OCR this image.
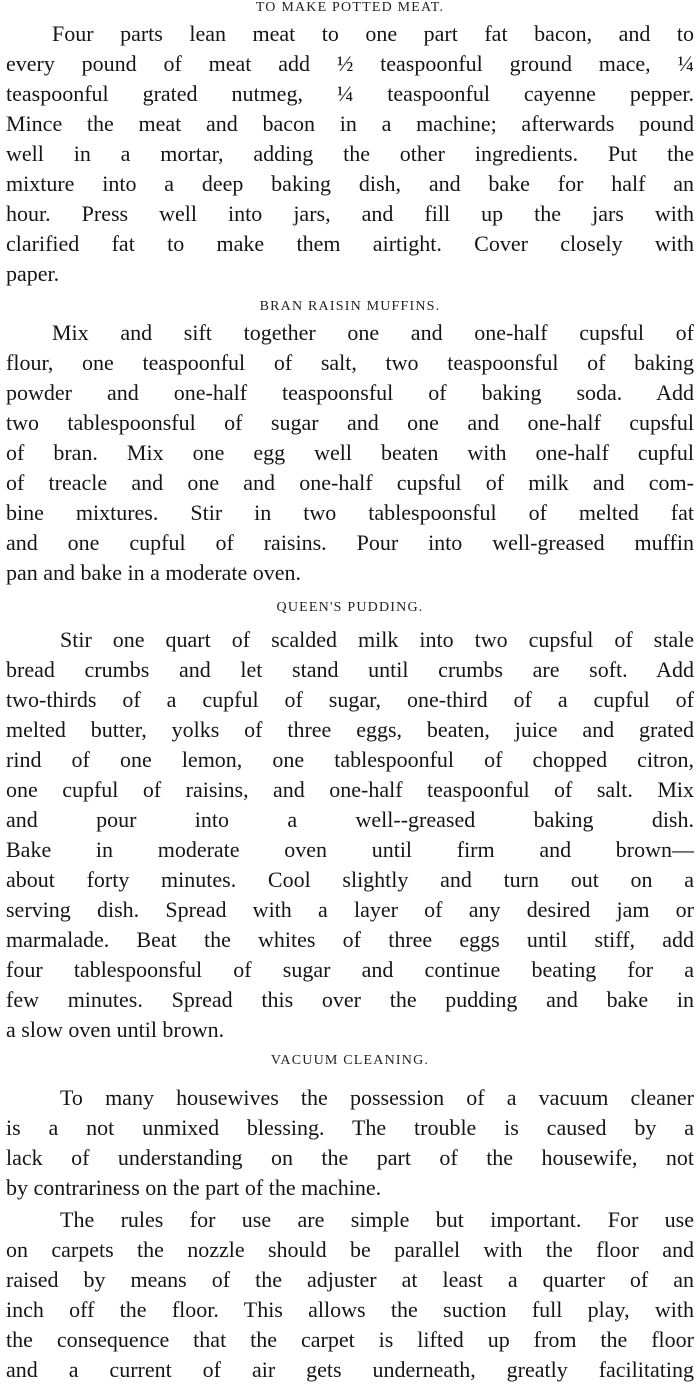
TO MAKE POTTED MEAT.
Four parts lean meat to one part fat bacon, and to
every pound of meat add ½ teaspoonful ground mace, ¼
teaspoonful grated nutmeg, ¼ teaspoonful cayenne pepper.
Mince the meat and bacon in a machine; afterwards pound
well in a mortar, adding the other ingredients. Put the
mixture into a deep baking dish, and bake for half an
hour. Press well into jars, and fill up the jars with
clarified fat to make them airtight. Cover closely with
paper.
BRAN RAISIN MUFFINS.
Mix and sift together one and one-half cupsful of
flour, one teaspoonful of salt, two teaspoonsful of baking
powder and one-half teaspoonsful of baking soda. Add
two tablespoonsful of sugar and one and one-half cupsful
of bran. Mix one egg well beaten with one-half cupful
of treacle and one and one-half cupsful of milk and com-
bine mixtures. Stir in two tablespoonsful of melted fat
and one cupful of raisins. Pour into well-greased muffin
pan and bake in a moderate oven.
QUEEN'S PUDDING.
Stir one quart of scalded milk into two cupsful of stale
bread crumbs and let stand until crumbs are soft. Add
two-thirds of a cupful of sugar, one-third of a cupful of
melted butter, yolks of three eggs, beaten, juice and grated
rind of one lemon, one tablespoonful of chopped citron,
one cupful of raisins, and one-half teaspoonful of salt. Mix
and pour into a well--greased baking dish.
Bake in moderate oven until firm and brown—
about forty minutes. Cool slightly and turn out on a
serving dish. Spread with a layer of any desired jam or
marmalade. Beat the whites of three eggs until stiff, add
four tablespoonsful of sugar and continue beating for a
few minutes. Spread this over the pudding and bake in
a slow oven until brown.
VACUUM CLEANING.
To many housewives the possession of a vacuum cleaner
is a not unmixed blessing. The trouble is caused by a
lack of understanding on the part of the housewife, not
by contrariness on the part of the machine.
The rules for use are simple but important. For use
on carpets the nozzle should be parallel with the floor and
raised by means of the adjuster at least a quarter of an
inch off the floor. This allows the suction full play, with
the consequence that the carpet is lifted up from the floor
and a current of air gets underneath, greatly facilitating
